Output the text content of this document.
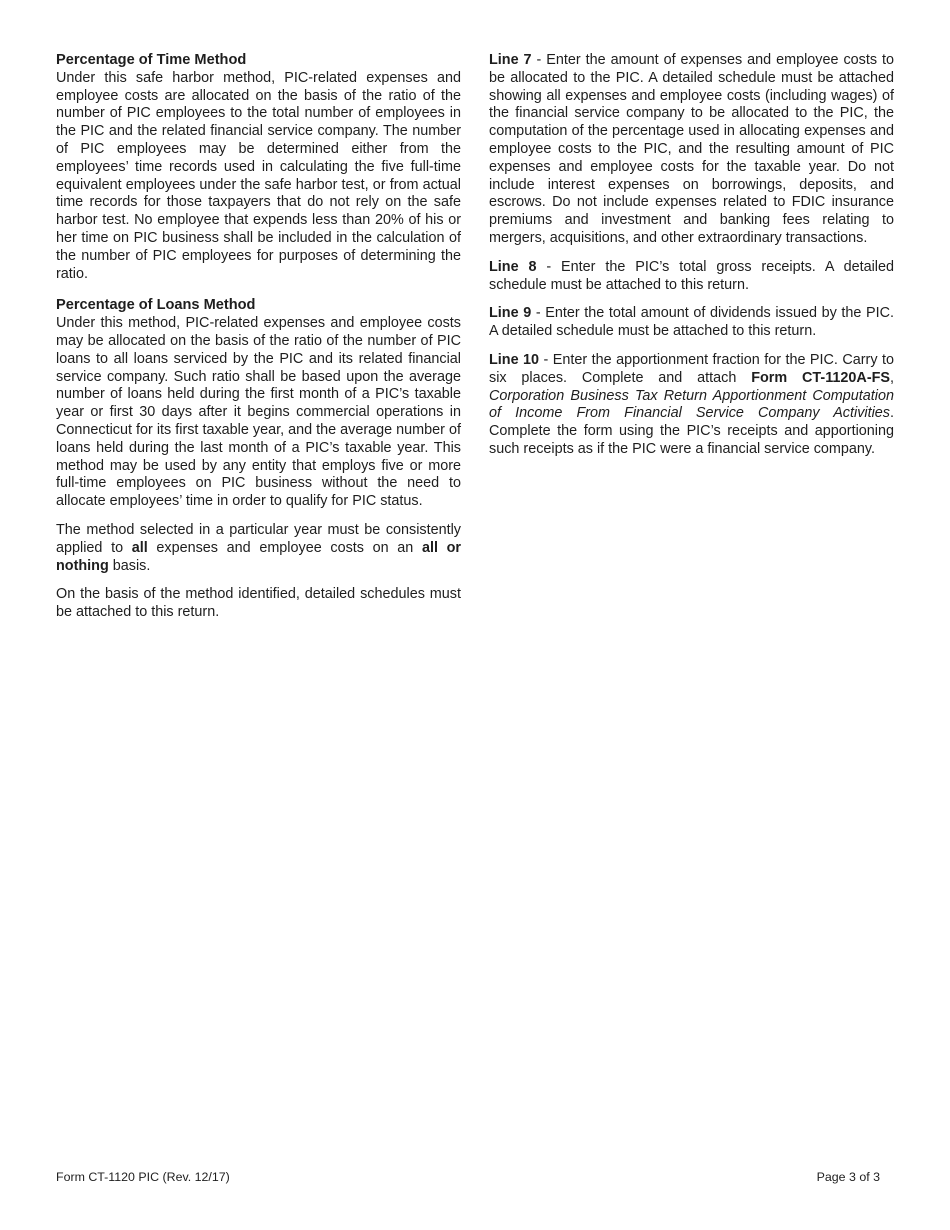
Percentage of Time Method

Under this safe harbor method, PIC-related expenses and employee costs are allocated on the basis of the ratio of the number of PIC employees to the total number of employees in the PIC and the related financial service company. The number of PIC employees may be determined either from the employees’ time records used in calculating the five full-time equivalent employees under the safe harbor test, or from actual time records for those taxpayers that do not rely on the safe harbor test. No employee that expends less than 20% of his or her time on PIC business shall be included in the calculation of the number of PIC employees for purposes of determining the ratio.

Percentage of Loans Method

Under this method, PIC-related expenses and employee costs may be allocated on the basis of the ratio of the number of PIC loans to all loans serviced by the PIC and its related financial service company. Such ratio shall be based upon the average number of loans held during the first month of a PIC’s taxable year or first 30 days after it begins commercial operations in Connecticut for its first taxable year, and the average number of loans held during the last month of a PIC’s taxable year. This method may be used by any entity that employs five or more full-time employees on PIC business without the need to allocate employees’ time in order to qualify for PIC status.

The method selected in a particular year must be consistently applied to all expenses and employee costs on an all or nothing basis.

On the basis of the method identified, detailed schedules must be attached to this return.

Line 7 - Enter the amount of expenses and employee costs to be allocated to the PIC. A detailed schedule must be attached showing all expenses and employee costs (including wages) of the financial service company to be allocated to the PIC, the computation of the percentage used in allocating expenses and employee costs to the PIC, and the resulting amount of PIC expenses and employee costs for the taxable year. Do not include interest expenses on borrowings, deposits, and escrows. Do not include expenses related to FDIC insurance premiums and investment and banking fees relating to mergers, acquisitions, and other extraordinary transactions.

Line 8 - Enter the PIC’s total gross receipts. A detailed schedule must be attached to this return.

Line 9 - Enter the total amount of dividends issued by the PIC. A detailed schedule must be attached to this return.

Line 10 - Enter the apportionment fraction for the PIC. Carry to six places. Complete and attach Form CT-1120A-FS, Corporation Business Tax Return Apportionment Computation of Income From Financial Service Company Activities. Complete the form using the PIC’s receipts and apportioning such receipts as if the PIC were a financial service company.

Form CT-1120 PIC (Rev. 12/17)	Page 3 of 3
